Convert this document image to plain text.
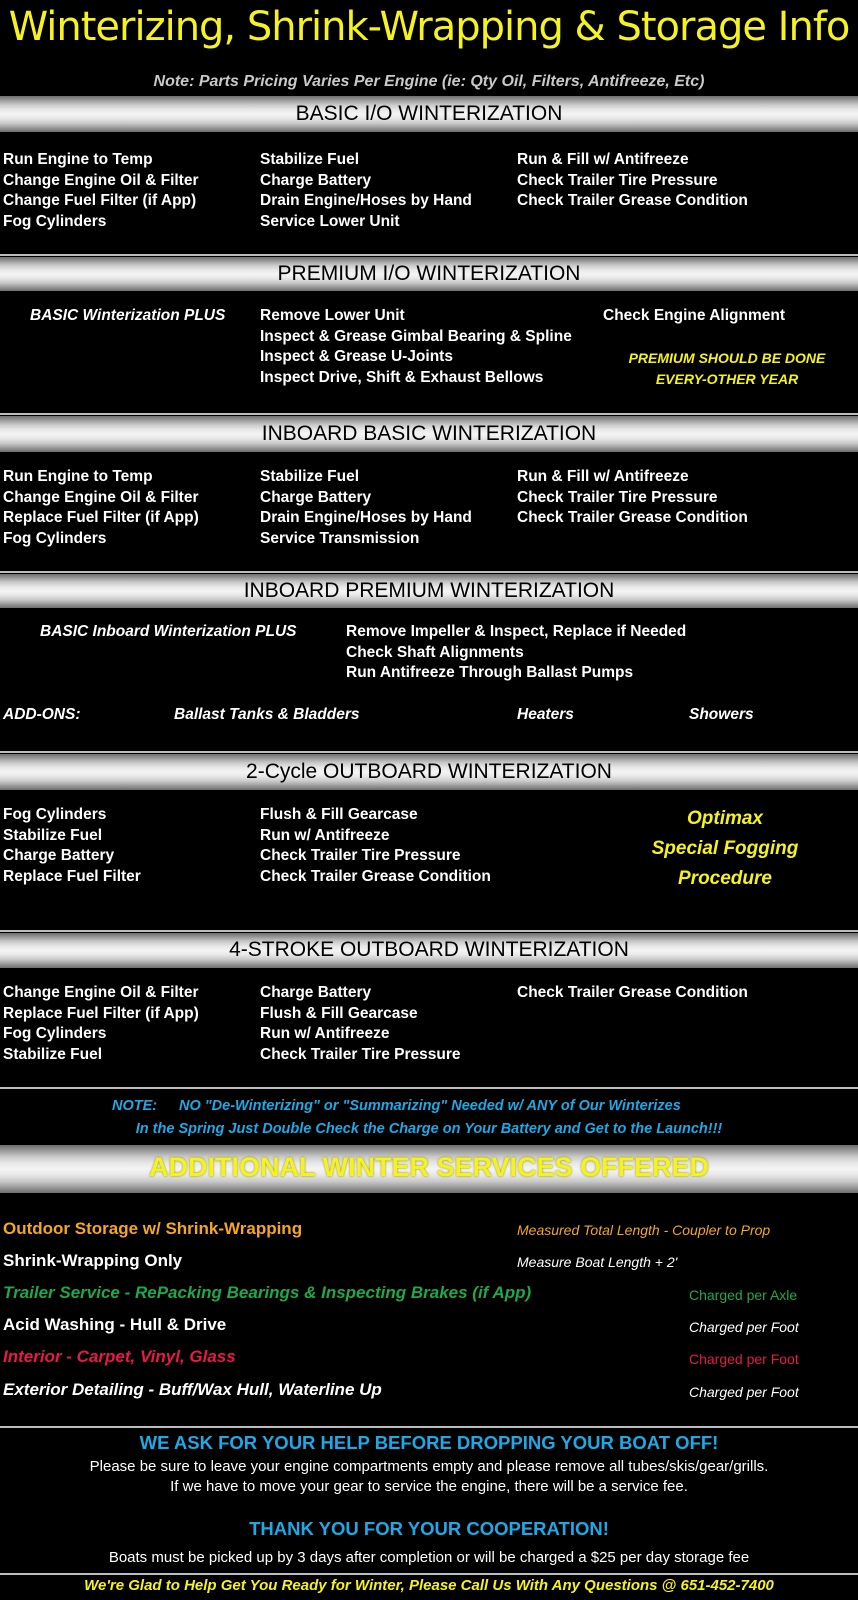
Winterizing, Shrink-Wrapping & Storage Info
Note: Parts Pricing Varies Per Engine (ie: Qty Oil, Filters, Antifreeze, Etc)
BASIC I/O WINTERIZATION
Run Engine to Temp
Change Engine Oil & Filter
Change Fuel Filter (if App)
Fog Cylinders
Stabilize Fuel
Charge Battery
Drain Engine/Hoses by Hand
Service Lower Unit
Run & Fill w/ Antifreeze
Check Trailer Tire Pressure
Check Trailer Grease Condition
PREMIUM I/O WINTERIZATION
BASIC Winterization PLUS Remove Lower Unit
Inspect & Grease Gimbal Bearing & Spline
Inspect & Grease U-Joints
Inspect Drive, Shift & Exhaust Bellows
Check Engine Alignment
PREMIUM SHOULD BE DONE
EVERY-OTHER YEAR
INBOARD BASIC WINTERIZATION
Run Engine to Temp
Change Engine Oil & Filter
Replace Fuel Filter (if App)
Fog Cylinders
Stabilize Fuel
Charge Battery
Drain Engine/Hoses by Hand
Service Transmission
Run & Fill w/ Antifreeze
Check Trailer Tire Pressure
Check Trailer Grease Condition
INBOARD PREMIUM WINTERIZATION
BASIC Inboard Winterization PLUS	Remove Impeller & Inspect, Replace if Needed
Check Shaft Alignments
Run Antifreeze Through Ballast Pumps
ADD-ONS:	Ballast Tanks & Bladders	Heaters	Showers
2-Cycle OUTBOARD WINTERIZATION
Fog Cylinders
Stabilize Fuel
Charge Battery
Replace Fuel Filter
Flush & Fill Gearcase
Run w/ Antifreeze
Check Trailer Tire Pressure
Check Trailer Grease Condition
Optimax
Special Fogging
Procedure
4-STROKE OUTBOARD WINTERIZATION
Change Engine Oil & Filter
Replace Fuel Filter (if App)
Fog Cylinders
Stabilize Fuel
Charge Battery
Flush & Fill Gearcase
Run w/ Antifreeze
Check Trailer Tire Pressure
Check Trailer Grease Condition
NOTE: NO "De-Winterizing" or "Summarizing" Needed w/ ANY of Our Winterizes
In the Spring Just Double Check the Charge on Your Battery and Get to the Launch!!!
ADDITIONAL WINTER SERVICES OFFERED
Outdoor Storage w/ Shrink-Wrapping	Measured Total Length - Coupler to Prop
Shrink-Wrapping Only	Measure Boat Length + 2'
Trailer Service - RePacking Bearings & Inspecting Brakes (if App)	Charged per Axle
Acid Washing - Hull & Drive	Charged per Foot
Interior - Carpet, Vinyl, Glass	Charged per Foot
Exterior Detailing - Buff/Wax Hull, Waterline Up	Charged per Foot
WE ASK FOR YOUR HELP BEFORE DROPPING YOUR BOAT OFF!
Please be sure to leave your engine compartments empty and please remove all tubes/skis/gear/grills.
If we have to move your gear to service the engine, there will be a service fee.
THANK YOU FOR YOUR COOPERATION!
Boats must be picked up by 3 days after completion or will be charged a $25 per day storage fee
We're Glad to Help Get You Ready for Winter, Please Call Us With Any Questions @ 651-452-7400
